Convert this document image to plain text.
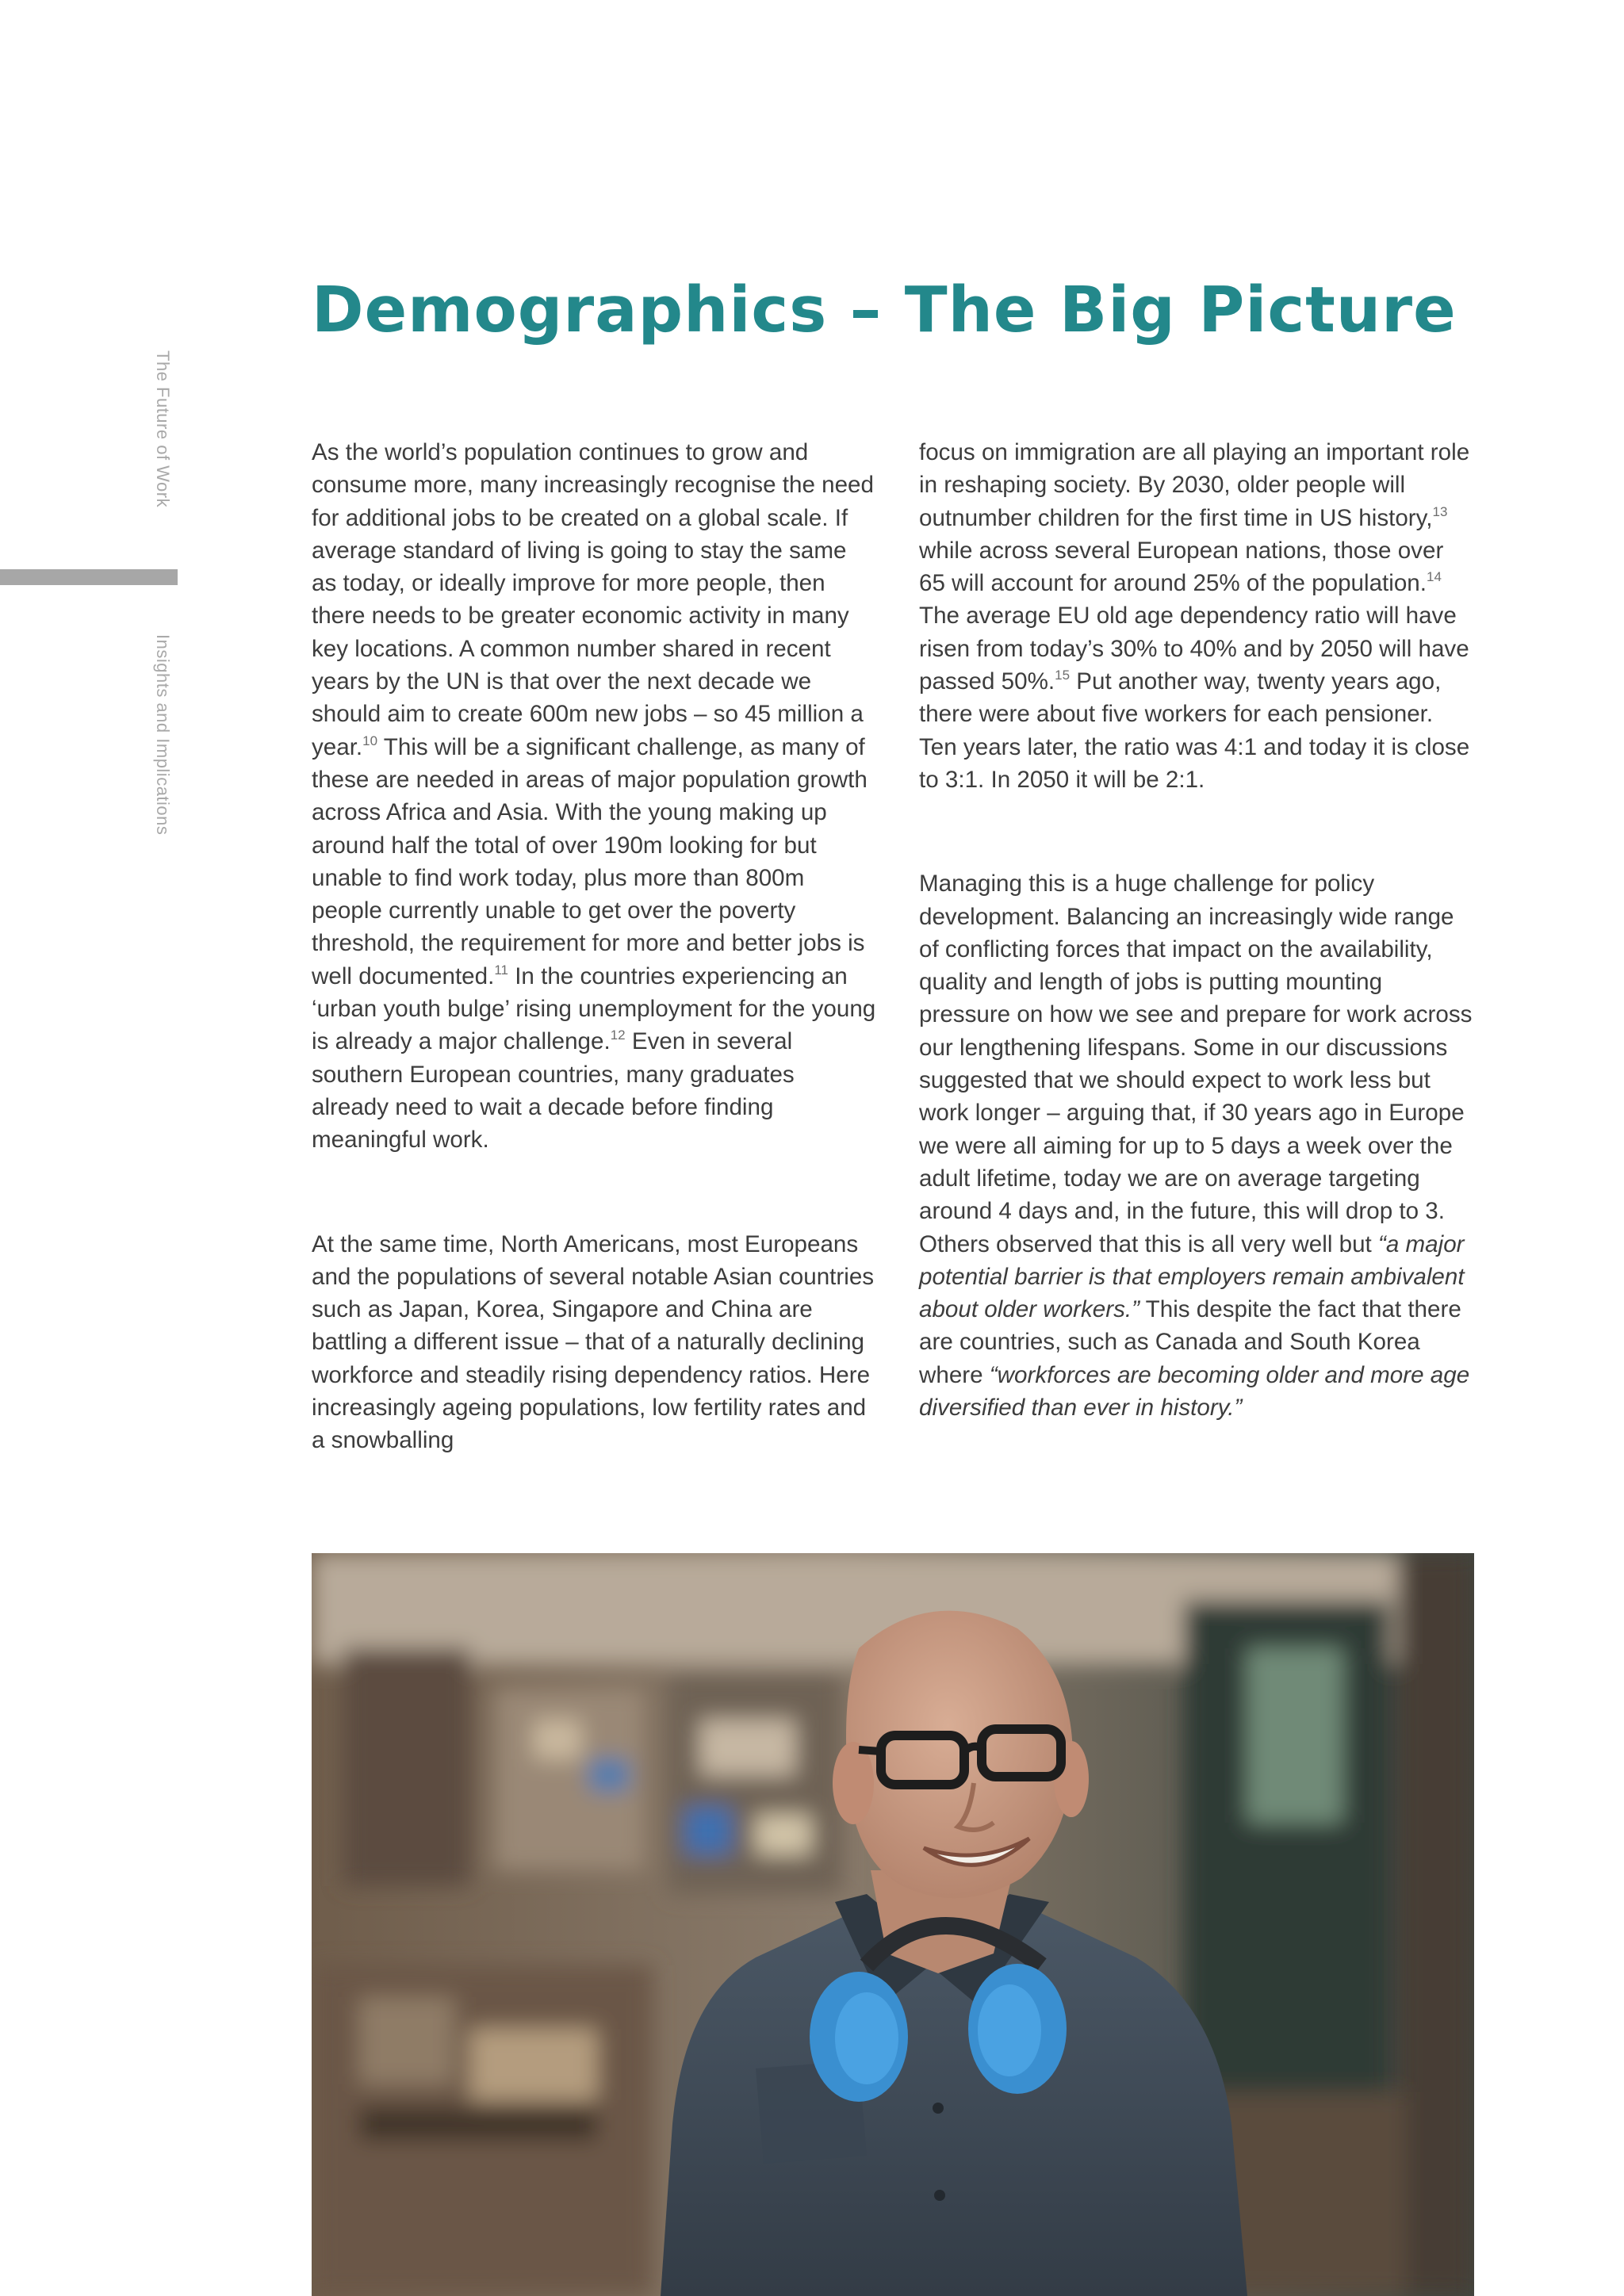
The Future of Work
Insights and Implications
Demographics – The Big Picture

As the world’s population continues to grow and consume more, many increasingly recognise the need for additional jobs to be created on a global scale. If average standard of living is going to stay the same as today, or ideally improve for more people, then there needs to be greater economic activity in many key locations. A common number shared in recent years by the UN is that over the next decade we should aim to create 600m new jobs – so 45 million a year.$^{10}$ This will be a significant challenge, as many of these are needed in areas of major population growth across Africa and Asia. With the young making up around half the total of over 190m looking for but unable to find work today, plus more than 800m people currently unable to get over the poverty threshold, the requirement for more and better jobs is well documented.$^{11}$ In the countries experiencing an ‘urban youth bulge’ rising unemployment for the young is already a major challenge.$^{12}$ Even in several southern European countries, many graduates already need to wait a decade before finding meaningful work.

At the same time, North Americans, most Europeans and the populations of several notable Asian countries such as Japan, Korea, Singapore and China are battling a different issue – that of a naturally declining workforce and steadily rising dependency ratios. Here increasingly ageing populations, low fertility rates and a snowballing

focus on immigration are all playing an important role in reshaping society. By 2030, older people will outnumber children for the first time in US history,$^{13}$ while across several European nations, those over 65 will account for around 25% of the population.$^{14}$ The average EU old age dependency ratio will have risen from today’s 30% to 40% and by 2050 will have passed 50%.$^{15}$ Put another way, twenty years ago, there were about five workers for each pensioner. Ten years later, the ratio was 4:1 and today it is close to 3:1. In 2050 it will be 2:1.

Managing this is a huge challenge for policy development. Balancing an increasingly wide range of conflicting forces that impact on the availability, quality and length of jobs is putting mounting pressure on how we see and prepare for work across our lengthening lifespans. Some in our discussions suggested that we should expect to work less but work longer – arguing that, if 30 years ago in Europe we were all aiming for up to 5 days a week over the adult lifetime, today we are on average targeting around 4 days and, in the future, this will drop to 3. Others observed that this is all very well but “a major potential barrier is that employers remain ambivalent about older workers.” This despite the fact that there are countries, such as Canada and South Korea where “workforces are becoming older and more age diversified than ever in history.”
